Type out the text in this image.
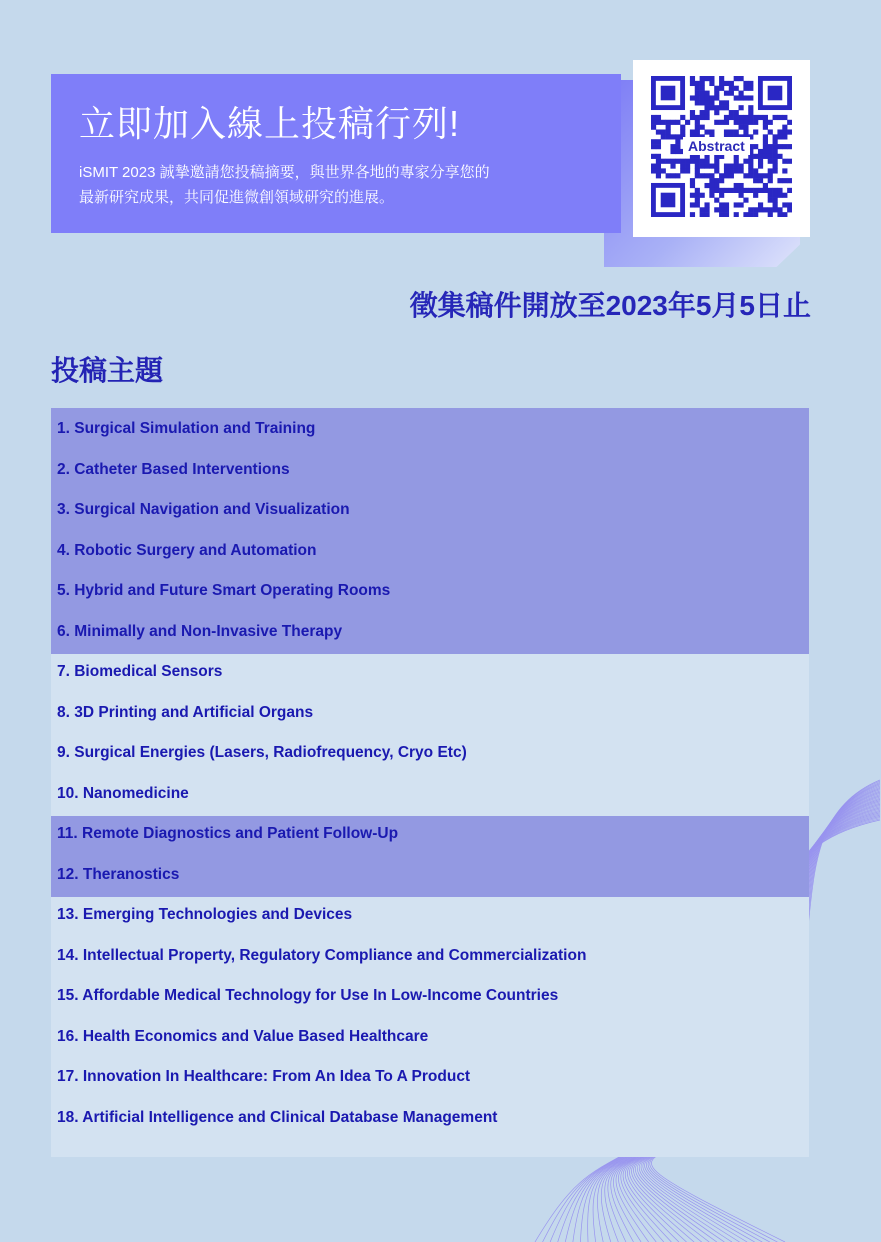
立即加入線上投稿行列!
iSMIT 2023 誠摯邀請您投稿摘要，與世界各地的專家分享您的
最新研究成果，共同促進微創領域研究的進展。
Abstract
徵集稿件開放至2023年5月5日止
投稿主題
1. Surgical Simulation and Training
2. Catheter Based Interventions
3. Surgical Navigation and Visualization
4. Robotic Surgery and Automation
5. Hybrid and Future Smart Operating Rooms
6. Minimally and Non-Invasive Therapy
7. Biomedical Sensors
8. 3D Printing and Artificial Organs
9. Surgical Energies (Lasers, Radiofrequency, Cryo Etc)
10. Nanomedicine
11. Remote Diagnostics and Patient Follow-Up
12. Theranostics
13. Emerging Technologies and Devices
14. Intellectual Property, Regulatory Compliance and Commercialization
15. Affordable Medical Technology for Use In Low-Income Countries
16. Health Economics and Value Based Healthcare
17. Innovation In Healthcare: From An Idea To A Product
18. Artificial Intelligence and Clinical Database Management
